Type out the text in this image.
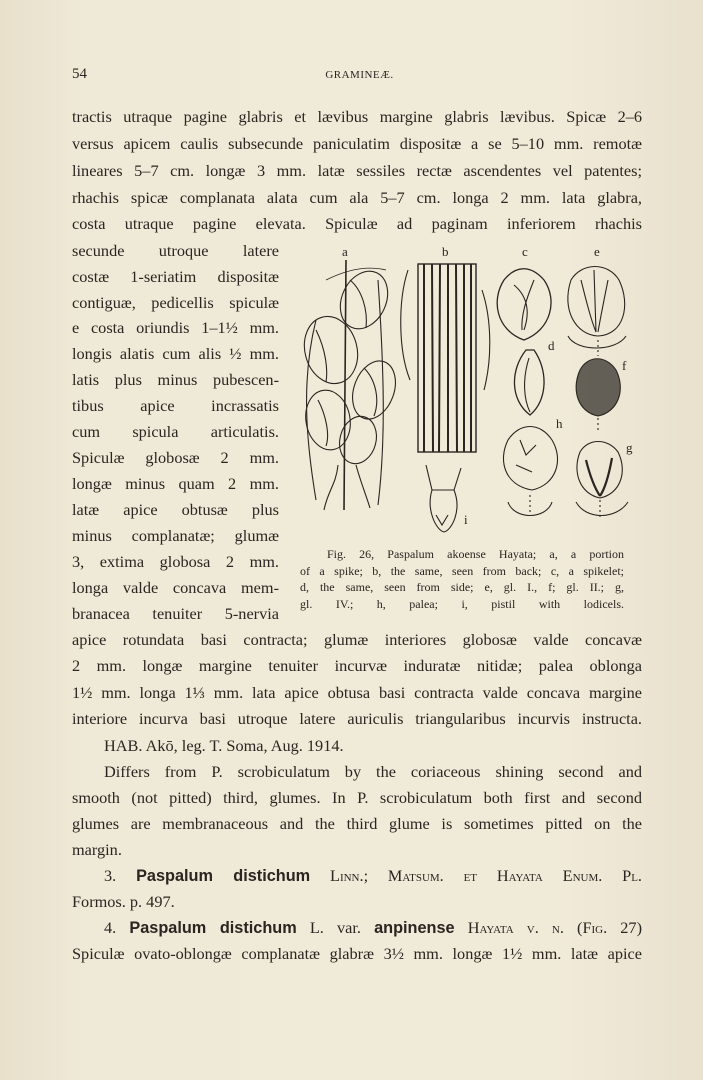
54	GRAMINEÆ.
tractis utraque pagine glabris et lævibus margine glabris lævibus. Spicæ 2–6
versus apicem caulis subsecunde paniculatim dispositæ a se 5–10 mm. remotæ
lineares 5–7 cm. longæ 3 mm. latæ sessiles rectæ ascendentes vel patentes;
rhachis spicæ complanata alata cum ala 5–7 cm. longa 2 mm. lata glabra,
costa utraque pagine elevata. Spiculæ ad paginam inferiorem rhachis
secunde utroque latere
costæ 1-seriatim dispositæ
contiguæ, pedicellis spiculæ
e costa oriundis 1–1½ mm.
longis alatis cum alis ½ mm.
latis plus minus pubescen-
tibus apice incrassatis
cum spicula articulatis.
Spiculæ globosæ 2 mm.
longæ minus quam 2 mm.
latæ apice obtusæ plus
minus complanatæ; glumæ
3, extima globosa 2 mm.
longa valde concava mem-
branacea tenuiter 5-nervia
a	b	c	e
d
f
h
g
i
Fig. 26, Paspalum akoense Hayata; a, a portion
of a spike; b, the same, seen from back; c, a spikelet;
d, the same, seen from side; e, gl. I., f; gl. II.; g,
gl. IV.; h, palea; i, pistil with lodicels.
apice rotundata basi contracta; glumæ interiores globosæ valde concavæ
2 mm. longæ margine tenuiter incurvæ induratæ nitidæ; palea oblonga
1½ mm. longa 1⅓ mm. lata apice obtusa basi contracta valde concava margine
interiore incurva basi utroque latere auriculis triangularibus incurvis instructa.
HAB. Akō, leg. T. Soma, Aug. 1914.
Differs from P. scrobiculatum by the coriaceous shining second and
smooth (not pitted) third, glumes. In P. scrobiculatum both first and second
glumes are membranaceous and the third glume is sometimes pitted on the
margin.
3. Paspalum distichum Linn.; Matsum. et Hayata Enum. Pl.
Formos. p. 497.
4. Paspalum distichum L. var. anpinense Hayata v. n. (Fig. 27)
Spiculæ ovato-oblongæ complanatæ glabræ 3½ mm. longæ 1½ mm. latæ apice
